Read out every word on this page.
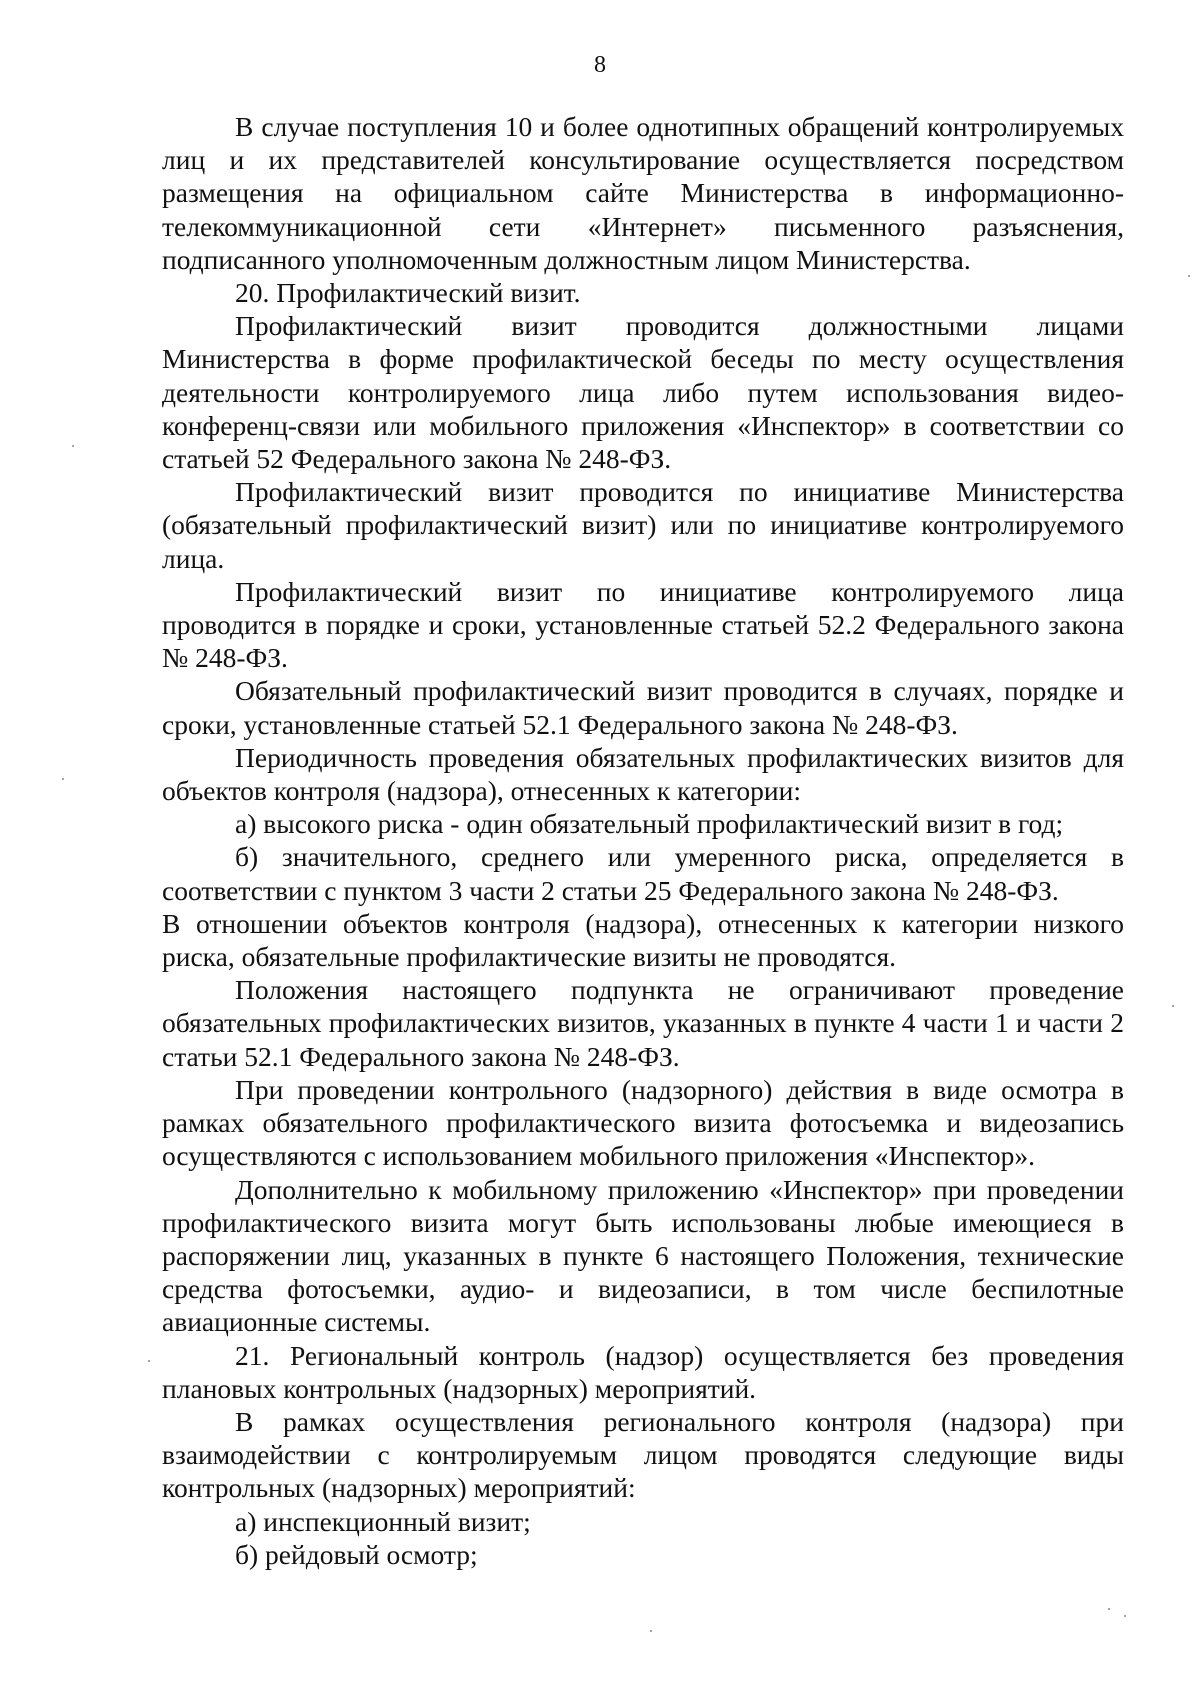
8

В случае поступления 10 и более однотипных обращений контролируемых лиц и их представителей консультирование осуществляется посредством размещения на официальном сайте Министерства в информационно-телекоммуникационной сети «Интернет» письменного разъяснения, подписанного уполномоченным должностным лицом Министерства.

20. Профилактический визит.

Профилактический визит проводится должностными лицами Министерства в форме профилактической беседы по месту осуществления деятельности контролируемого лица либо путем использования видео-конференц-связи или мобильного приложения «Инспектор» в соответствии со статьей 52 Федерального закона № 248-ФЗ.

Профилактический визит проводится по инициативе Министерства (обязательный профилактический визит) или по инициативе контролируемого лица.

Профилактический визит по инициативе контролируемого лица проводится в порядке и сроки, установленные статьей 52.2 Федерального закона № 248-ФЗ.

Обязательный профилактический визит проводится в случаях, порядке и сроки, установленные статьей 52.1 Федерального закона № 248-ФЗ.

Периодичность проведения обязательных профилактических визитов для объектов контроля (надзора), отнесенных к категории:

а) высокого риска - один обязательный профилактический визит в год;

б) значительного, среднего или умеренного риска, определяется в соответствии с пунктом 3 части 2 статьи 25 Федерального закона № 248-ФЗ.

В отношении объектов контроля (надзора), отнесенных к категории низкого риска, обязательные профилактические визиты не проводятся.

Положения настоящего подпункта не ограничивают проведение обязательных профилактических визитов, указанных в пункте 4 части 1 и части 2 статьи 52.1 Федерального закона № 248-ФЗ.

При проведении контрольного (надзорного) действия в виде осмотра в рамках обязательного профилактического визита фотосъемка и видеозапись осуществляются с использованием мобильного приложения «Инспектор».

Дополнительно к мобильному приложению «Инспектор» при проведении профилактического визита могут быть использованы любые имеющиеся в распоряжении лиц, указанных в пункте 6 настоящего Положения, технические средства фотосъемки, аудио- и видеозаписи, в том числе беспилотные авиационные системы.

21. Региональный контроль (надзор) осуществляется без проведения плановых контрольных (надзорных) мероприятий.

В рамках осуществления регионального контроля (надзора) при взаимодействии с контролируемым лицом проводятся следующие виды контрольных (надзорных) мероприятий:

а) инспекционный визит;

б) рейдовый осмотр;
